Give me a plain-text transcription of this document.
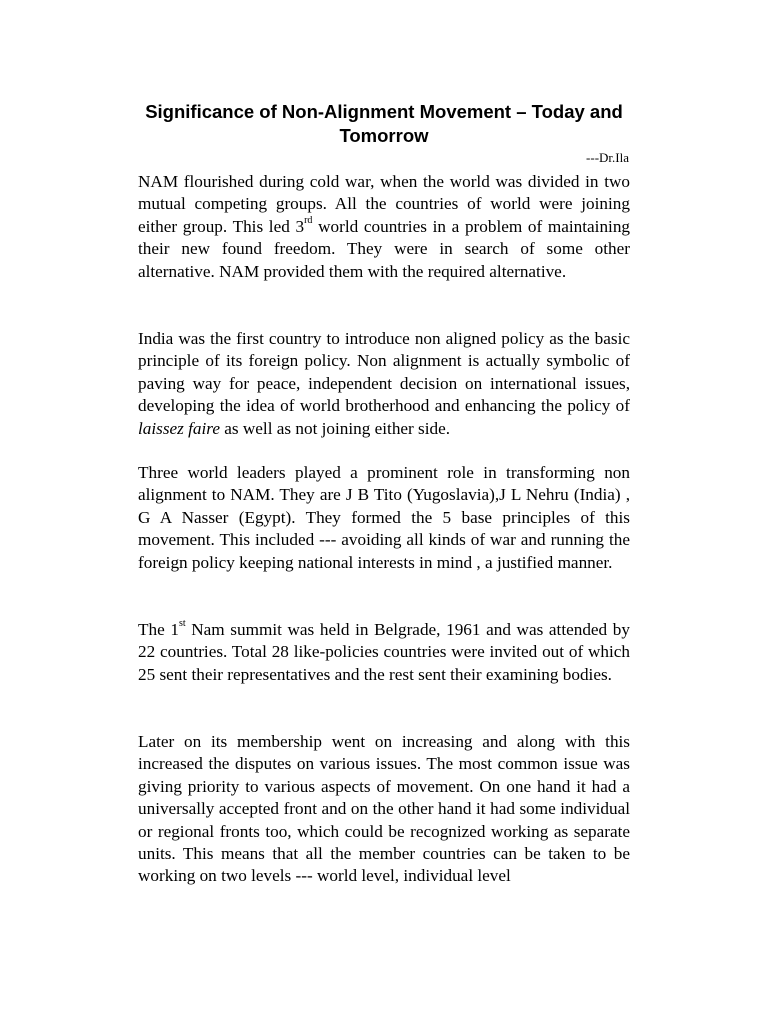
Significance of Non-Alignment Movement – Today and Tomorrow
---Dr.Ila

NAM flourished during cold war, when the world was divided in two mutual competing groups. All the countries of world were joining either group. This led 3rd world countries in a problem of maintaining their new found freedom. They were in search of some other alternative. NAM provided them with the required alternative.

India was the first country to introduce non aligned policy as the basic principle of its foreign policy. Non alignment is actually symbolic of paving way for peace, independent decision on international issues, developing the idea of world brotherhood and enhancing the policy of laissez faire as well as not joining either side.

Three world leaders played a prominent role in transforming non alignment to NAM. They are J B Tito (Yugoslavia),J L Nehru (India) , G A Nasser (Egypt). They formed the 5 base principles of this movement. This included --- avoiding all kinds of war and running the foreign policy keeping national interests in mind , a justified manner.

The 1st Nam summit was held in Belgrade, 1961 and was attended by 22 countries. Total 28 like-policies countries were invited out of which 25 sent their representatives and the rest sent their examining bodies.

Later on its membership went on increasing and along with this increased the disputes on various issues. The most common issue was giving priority to various aspects of movement. On one hand it had a universally accepted front and on the other hand it had some individual or regional fronts too, which could be recognized working as separate units. This means that all the member countries can be taken to be working on two levels --- world level, individual level
